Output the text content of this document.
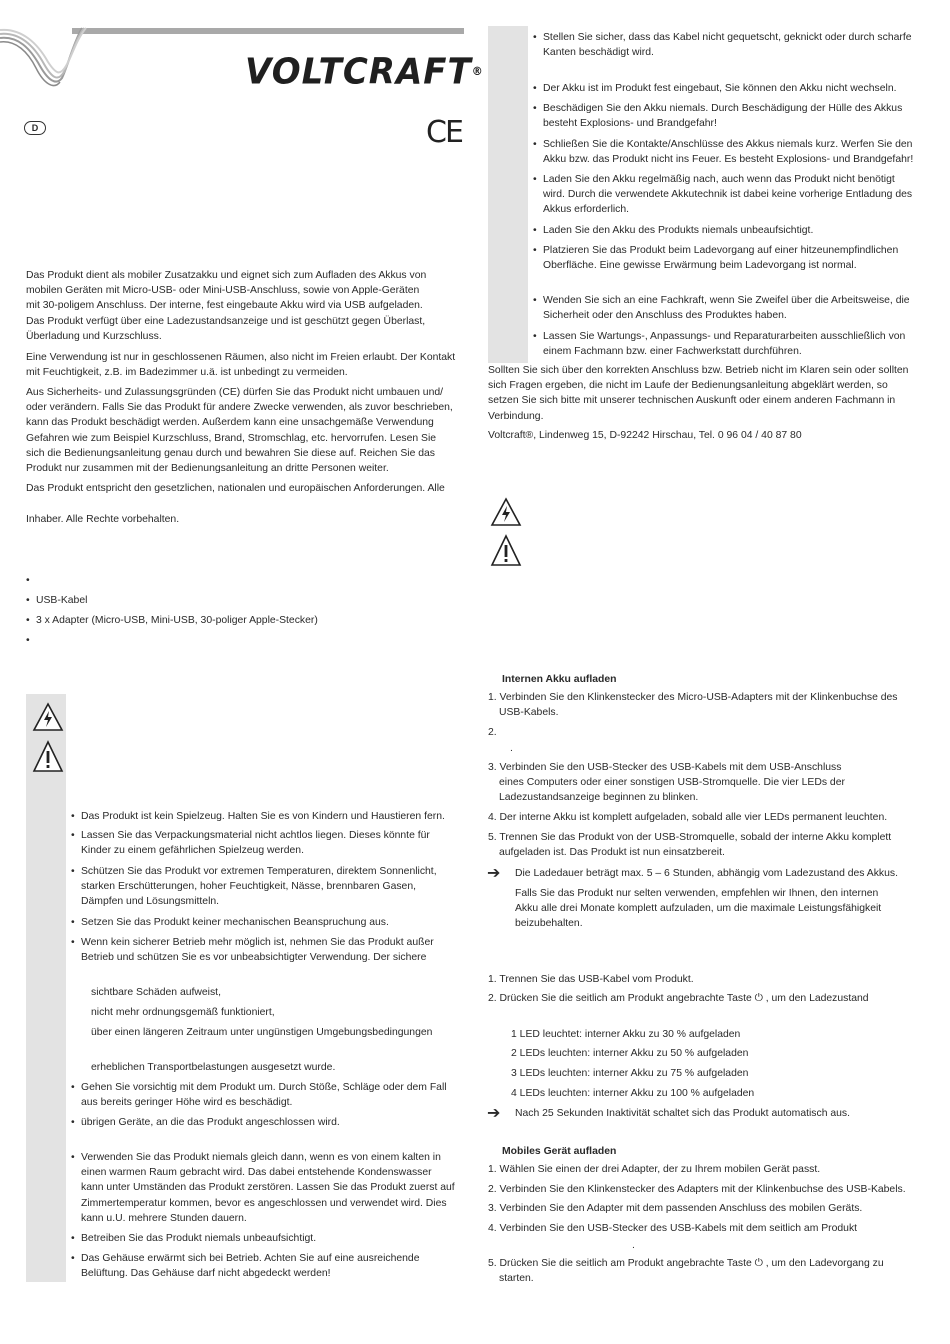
VOLTCRAFT®
D	CE
Das Produkt dient als mobiler Zusatzakku und eignet sich zum Aufladen des Akkus von
mobilen Geräten mit Micro-USB- oder Mini-USB-Anschluss, sowie von Apple-Geräten
mit 30-poligem Anschluss. Der interne, fest eingebaute Akku wird via USB aufgeladen.
Das Produkt verfügt über eine Ladezustandsanzeige und ist geschützt gegen Überlast,
Überladung und Kurzschluss.
Eine Verwendung ist nur in geschlossenen Räumen, also nicht im Freien erlaubt. Der Kontakt
mit Feuchtigkeit, z.B. im Badezimmer u.ä. ist unbedingt zu vermeiden.
Aus Sicherheits- und Zulassungsgründen (CE) dürfen Sie das Produkt nicht umbauen und/
oder verändern. Falls Sie das Produkt für andere Zwecke verwenden, als zuvor beschrieben,
kann das Produkt beschädigt werden. Außerdem kann eine unsachgemäße Verwendung
Gefahren wie zum Beispiel Kurzschluss, Brand, Stromschlag, etc. hervorrufen. Lesen Sie
sich die Bedienungsanleitung genau durch und bewahren Sie diese auf. Reichen Sie das
Produkt nur zusammen mit der Bedienungsanleitung an dritte Personen weiter.
Das Produkt entspricht den gesetzlichen, nationalen und europäischen Anforderungen. Alle
Inhaber. Alle Rechte vorbehalten.
•
• USB-Kabel
• 3 x Adapter (Micro-USB, Mini-USB, 30-poliger Apple-Stecker)
•
• Das Produkt ist kein Spielzeug. Halten Sie es von Kindern und Haustieren fern.
• Lassen Sie das Verpackungsmaterial nicht achtlos liegen. Dieses könnte für
Kinder zu einem gefährlichen Spielzeug werden.
• Schützen Sie das Produkt vor extremen Temperaturen, direktem Sonnenlicht,
starken Erschütterungen, hoher Feuchtigkeit, Nässe, brennbaren Gasen,
Dämpfen und Lösungsmitteln.
• Setzen Sie das Produkt keiner mechanischen Beanspruchung aus.
• Wenn kein sicherer Betrieb mehr möglich ist, nehmen Sie das Produkt außer
Betrieb und schützen Sie es vor unbeabsichtigter Verwendung. Der sichere
sichtbare Schäden aufweist,
nicht mehr ordnungsgemäß funktioniert,
über einen längeren Zeitraum unter ungünstigen Umgebungsbedingungen
erheblichen Transportbelastungen ausgesetzt wurde.
• Gehen Sie vorsichtig mit dem Produkt um. Durch Stöße, Schläge oder dem Fall
aus bereits geringer Höhe wird es beschädigt.
• übrigen Geräte, an die das Produkt angeschlossen wird.
• Verwenden Sie das Produkt niemals gleich dann, wenn es von einem kalten in
einen warmen Raum gebracht wird. Das dabei entstehende Kondenswasser
kann unter Umständen das Produkt zerstören. Lassen Sie das Produkt zuerst auf
Zimmertemperatur kommen, bevor es angeschlossen und verwendet wird. Dies
kann u.U. mehrere Stunden dauern.
• Betreiben Sie das Produkt niemals unbeaufsichtigt.
• Das Gehäuse erwärmt sich bei Betrieb. Achten Sie auf eine ausreichende
Belüftung. Das Gehäuse darf nicht abgedeckt werden!
• Stellen Sie sicher, dass das Kabel nicht gequetscht, geknickt oder durch scharfe
Kanten beschädigt wird.
• Der Akku ist im Produkt fest eingebaut, Sie können den Akku nicht wechseln.
• Beschädigen Sie den Akku niemals. Durch Beschädigung der Hülle des Akkus
besteht Explosions- und Brandgefahr!
• Schließen Sie die Kontakte/Anschlüsse des Akkus niemals kurz. Werfen Sie den
Akku bzw. das Produkt nicht ins Feuer. Es besteht Explosions- und Brandgefahr!
• Laden Sie den Akku regelmäßig nach, auch wenn das Produkt nicht benötigt
wird. Durch die verwendete Akkutechnik ist dabei keine vorherige Entladung des
Akkus erforderlich.
• Laden Sie den Akku des Produkts niemals unbeaufsichtigt.
• Platzieren Sie das Produkt beim Ladevorgang auf einer hitzeunempfindlichen
Oberfläche. Eine gewisse Erwärmung beim Ladevorgang ist normal.
• Wenden Sie sich an eine Fachkraft, wenn Sie Zweifel über die Arbeitsweise, die
Sicherheit oder den Anschluss des Produktes haben.
• Lassen Sie Wartungs-, Anpassungs- und Reparaturarbeiten ausschließlich von
einem Fachmann bzw. einer Fachwerkstatt durchführen.
Sollten Sie sich über den korrekten Anschluss bzw. Betrieb nicht im Klaren sein oder sollten
sich Fragen ergeben, die nicht im Laufe der Bedienungsanleitung abgeklärt werden, so
setzen Sie sich bitte mit unserer technischen Auskunft oder einem anderen Fachmann in
Verbindung.
Voltcraft®, Lindenweg 15, D-92242 Hirschau, Tel. 0 96 04 / 40 87 80
Internen Akku aufladen
1. Verbinden Sie den Klinkenstecker des Micro-USB-Adapters mit der Klinkenbuchse des
USB-Kabels.
2.
.
3. Verbinden Sie den USB-Stecker des USB-Kabels mit dem USB-Anschluss
eines Computers oder einer sonstigen USB-Stromquelle. Die vier LEDs der
Ladezustandsanzeige beginnen zu blinken.
4. Der interne Akku ist komplett aufgeladen, sobald alle vier LEDs permanent leuchten.
5. Trennen Sie das Produkt von der USB-Stromquelle, sobald der interne Akku komplett
aufgeladen ist. Das Produkt ist nun einsatzbereit.
➔ Die Ladedauer beträgt max. 5 – 6 Stunden, abhängig vom Ladezustand des Akkus.
Falls Sie das Produkt nur selten verwenden, empfehlen wir Ihnen, den internen
Akku alle drei Monate komplett aufzuladen, um die maximale Leistungsfähigkeit
beizubehalten.
1. Trennen Sie das USB-Kabel vom Produkt.
2. Drücken Sie die seitlich am Produkt angebrachte Taste ⏻ , um den Ladezustand
1 LED leuchtet: interner Akku zu 30 % aufgeladen
2 LEDs leuchten: interner Akku zu 50 % aufgeladen
3 LEDs leuchten: interner Akku zu 75 % aufgeladen
4 LEDs leuchten: interner Akku zu 100 % aufgeladen
➔ Nach 25 Sekunden Inaktivität schaltet sich das Produkt automatisch aus.
Mobiles Gerät aufladen
1. Wählen Sie einen der drei Adapter, der zu Ihrem mobilen Gerät passt.
2. Verbinden Sie den Klinkenstecker des Adapters mit der Klinkenbuchse des USB-Kabels.
3. Verbinden Sie den Adapter mit dem passenden Anschluss des mobilen Geräts.
4. Verbinden Sie den USB-Stecker des USB-Kabels mit dem seitlich am Produkt
.
5. Drücken Sie die seitlich am Produkt angebrachte Taste ⏻ , um den Ladevorgang zu
starten.
